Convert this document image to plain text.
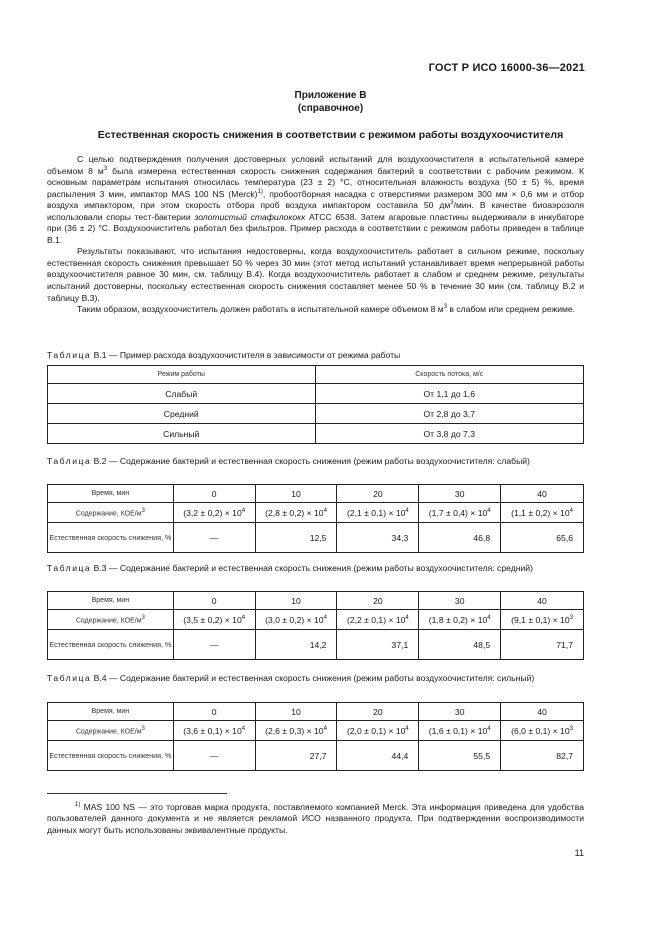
ГОСТ Р ИСО 16000-36—2021
Приложение В
(справочное)
Естественная скорость снижения в соответствии с режимом работы воздухоочистителя

С целью подтверждения получения достоверных условий испытаний для воздухоочистителя в испытательной камере объемом 8 $м^3$ была измерена естественная скорость снижения содержания бактерий в соответствии с рабочим режимом. К основным параметрам испытания относилась температура (23 ± 2) °С, относительная влажность воздуха (50 ± 5) %, время распыления 3 мин, импактор MAS 100 NS (Merck)$^{1)}$, пробоотборная насадка с отверстиями размером 300 мм × 0,6 мм и отбор воздуха импактором, при этом скорость отбора проб воздуха импактором составила 50 $дм^3$/мин. В качестве биоаэрозоля использовали споры тест-бактерии золотистый стафилококк АТСС 6538. Затем агаровые пластины выдерживали в инкубаторе при (36 ± 2) °С. Воздухоочиститель работал без фильтров. Пример расхода в соответствии с режимом работы приведен в таблице В.1.

Результаты показывают, что испытания недостоверны, когда воздухоочиститель работает в сильном режиме, поскольку естественная скорость снижения превышает 50 % через 30 мин (этот метод испытаний устанавливает время непрерывной работы воздухоочистителя равное 30 мин, см. таблицу В.4). Когда воздухоочиститель работает в слабом и среднем режиме, результаты испытаний достоверны, поскольку естественная скорость снижения составляет менее 50 % в течение 30 мин (см. таблицу В.2 и таблицу В.3).

Таким образом, воздухоочиститель должен работать в испытательной камере объемом 8 $м^3$ в слабом или среднем режиме.

Таблица В.1 — Пример расхода воздухоочистителя в зависимости от режима работы
Режим работы	Скорость потока, м/с
Слабый	От 1,1 до 1,6
Средний	От 2,8 до 3,7
Сильный	От 3,8 до 7,3
Таблица В.2 — Содержание бактерий и естественная скорость снижения (режим работы воздухоочистителя: слабый)
Время, мин	0	10	20	30	40
Содержание, КОЕ/$м^3$	$(3,2 \pm 0,2) \times 10^4$	$(2,8 \pm 0,2) \times 10^4$	$(2,1 \pm 0,1) \times 10^4$	$(1,7 \pm 0,4) \times 10^4$	$(1,1 \pm 0,2) \times 10^4$
Естественная скорость снижения, %	—	12,5	34,3	46,8	65,6
Таблица В.3 — Содержание бактерий и естественная скорость снижения (режим работы воздухоочистителя: средний)
Время, мин	0	10	20	30	40
Содержание, КОЕ/$м^3$	$(3,5 \pm 0,2) \times 10^4$	$(3,0 \pm 0,2) \times 10^4$	$(2,2 \pm 0,1) \times 10^4$	$(1,8 \pm 0,2) \times 10^4$	$(9,1 \pm 0,1) \times 10^3$
Естественная скорость снижения, %	—	14,2	37,1	48,5	71,7
Таблица В.4 — Содержание бактерий и естественная скорость снижения (режим работы воздухоочистителя: сильный)
Время, мин	0	10	20	30	40
Содержание, КОЕ/$м^3$	$(3,6 \pm 0,1) \times 10^4$	$(2,6 \pm 0,3) \times 10^4$	$(2,0 \pm 0,1) \times 10^4$	$(1,6 \pm 0,1) \times 10^4$	$(6,0 \pm 0,1) \times 10^3$
Естественная скорость снижения, %	—	27,7	44,4	55,5	82,7
$^{1)}$ MAS 100 NS — это торговая марка продукта, поставляемого компанией Merck. Эта информация приведена для удобства пользователей данного документа и не является рекламой ИСО названного продукта. При подтверждении воспроизводимости данных могут быть использованы эквивалентные продукты.
11
